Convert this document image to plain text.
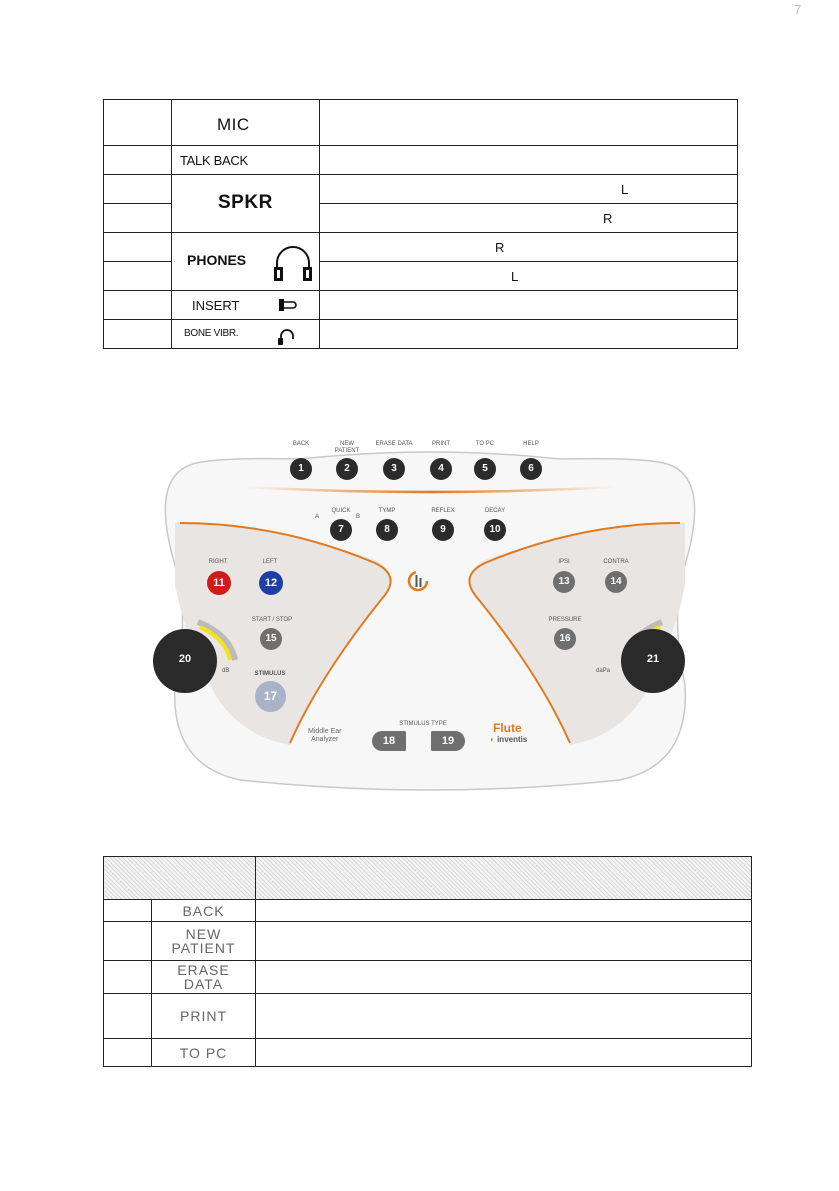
7

	MIC	

	TALK BACK	

	SPKR	L

		R

	PHONES	R

		L

	INSERT	

	BONE VIBR.	

BACK
1
NEW PATIENT
2
ERASE DATA
3
PRINT
4
TO PC
5
HELP
6
QUICK
7
TYMP
8
REFLEX
9
DECAY
10
A	B
RIGHT
11
LEFT
12
IPSI
13
CONTRA
14
START / STOP
15
PRESSURE
16
STIMULUS
17
20	21
dB	daPa
STIMULUS TYPE
18	19
Middle Ear
Analyzer
Flute
◐ inventis

	BACK	
	NEW PATIENT	
	ERASE DATA	
	PRINT	
	TO PC	
